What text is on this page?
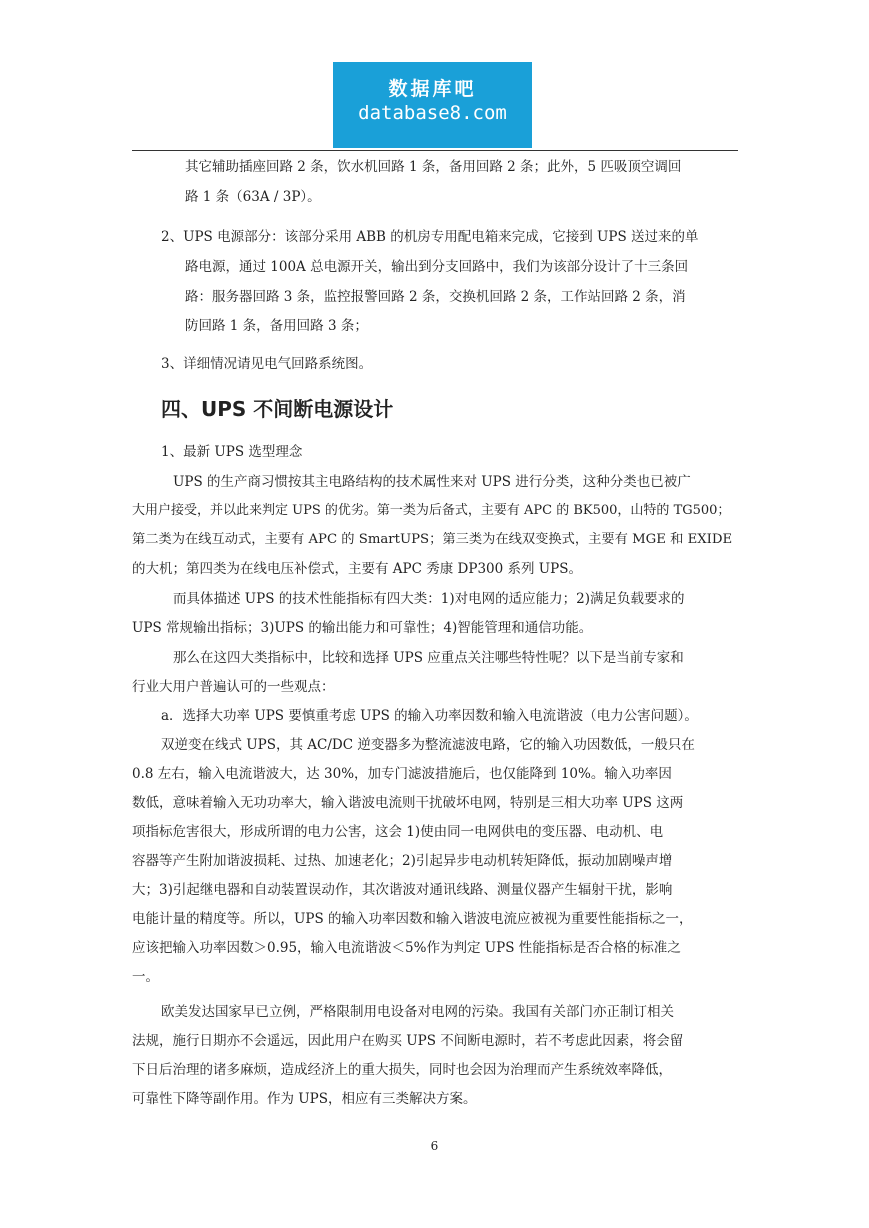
数据库吧
database8.com

其它辅助插座回路 2 条，饮水机回路 1 条，备用回路 2 条；此外，5 匹吸顶空调回

路 1 条（63A / 3P）。

2、UPS 电源部分：该部分采用 ABB 的机房专用配电箱来完成，它接到 UPS 送过来的单

路电源，通过 100A 总电源开关，输出到分支回路中，我们为该部分设计了十三条回

路：服务器回路 3 条，监控报警回路 2 条，交换机回路 2 条，工作站回路 2 条，消

防回路 1 条，备用回路 3 条；

3、详细情况请见电气回路系统图。

四、UPS 不间断电源设计

1、最新 UPS 选型理念

UPS 的生产商习惯按其主电路结构的技术属性来对 UPS 进行分类，这种分类也已被广

大用户接受，并以此来判定 UPS 的优劣。第一类为后备式，主要有 APC 的 BK500，山特的 TG500；

第二类为在线互动式，主要有 APC 的 SmartUPS；第三类为在线双变换式，主要有 MGE 和 EXIDE

的大机；第四类为在线电压补偿式，主要有 APC 秀康 DP300 系列 UPS。

而具体描述 UPS 的技术性能指标有四大类：1)对电网的适应能力；2)满足负载要求的

UPS 常规输出指标；3)UPS 的输出能力和可靠性；4)智能管理和通信功能。

那么在这四大类指标中，比较和选择 UPS 应重点关注哪些特性呢？以下是当前专家和

行业大用户普遍认可的一些观点：

a．选择大功率 UPS 要慎重考虑 UPS 的输入功率因数和输入电流谐波（电力公害问题）。

双逆变在线式 UPS，其 AC/DC 逆变器多为整流滤波电路，它的输入功因数低，一般只在

0.8 左右，输入电流谐波大，达 30%，加专门滤波措施后，也仅能降到 10%。输入功率因

数低，意味着输入无功功率大，输入谐波电流则干扰破坏电网，特别是三相大功率 UPS 这两

项指标危害很大，形成所谓的电力公害，这会 1)使由同一电网供电的变压器、电动机、电

容器等产生附加谐波损耗、过热、加速老化；2)引起异步电动机转矩降低，振动加剧噪声增

大；3)引起继电器和自动装置误动作，其次谐波对通讯线路、测量仪器产生辐射干扰，影响

电能计量的精度等。所以，UPS 的输入功率因数和输入谐波电流应被视为重要性能指标之一，

应该把输入功率因数＞0.95，输入电流谐波＜5%作为判定 UPS 性能指标是否合格的标准之

一。

欧美发达国家早已立例，严格限制用电设备对电网的污染。我国有关部门亦正制订相关

法规，施行日期亦不会遥远，因此用户在购买 UPS 不间断电源时，若不考虑此因素，将会留

下日后治理的诸多麻烦，造成经济上的重大损失，同时也会因为治理而产生系统效率降低，

可靠性下降等副作用。作为 UPS，相应有三类解决方案。

6
